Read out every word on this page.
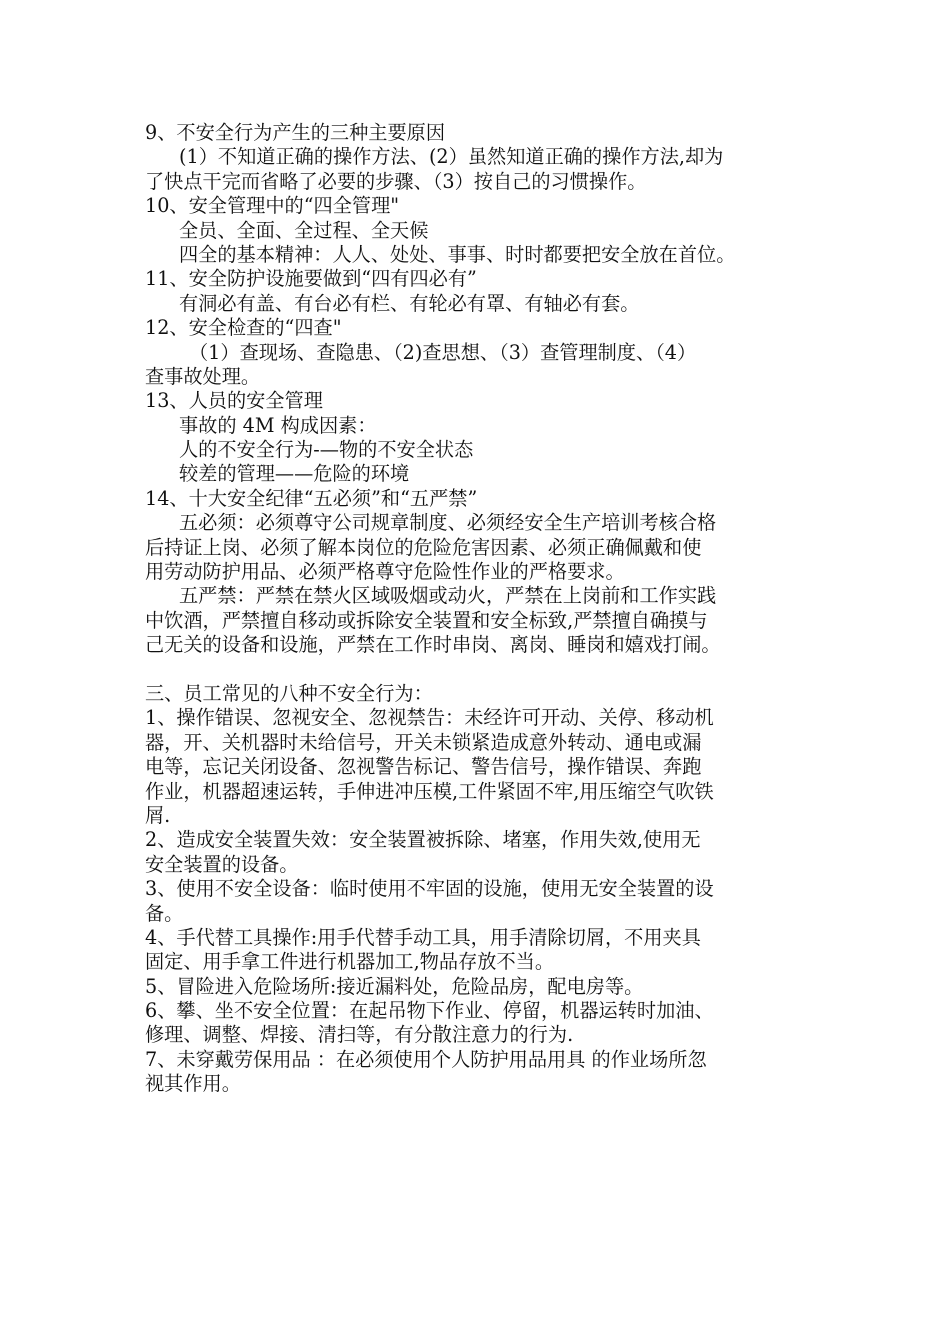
9、不安全行为产生的三种主要原因
(1）不知道正确的操作方法、(2）虽然知道正确的操作方法,却为
了快点干完而省略了必要的步骤、（3）按自己的习惯操作。
10、安全管理中的“四全管理"
全员、全面、全过程、全天候
四全的基本精神：人人、处处、事事、时时都要把安全放在首位。
11、安全防护设施要做到“四有四必有”
有洞必有盖、有台必有栏、有轮必有罩、有轴必有套。
12、安全检查的“四查"
（1）查现场、查隐患、（2)查思想、（3）查管理制度、（4）
查事故处理。
13、人员的安全管理
事故的 4M 构成因素：
人的不安全行为-—物的不安全状态
较差的管理——危险的环境
14、十大安全纪律“五必须”和“五严禁”
五必须：必须尊守公司规章制度、必须经安全生产培训考核合格
后持证上岗、必须了解本岗位的危险危害因素、必须正确佩戴和使
用劳动防护用品、必须严格尊守危险性作业的严格要求。
五严禁：严禁在禁火区域吸烟或动火，严禁在上岗前和工作实践
中饮酒，严禁擅自移动或拆除安全装置和安全标致,严禁擅自确摸与
己无关的设备和设施，严禁在工作时串岗、离岗、睡岗和嬉戏打闹。
三、员工常见的八种不安全行为：
1、操作错误、忽视安全、忽视禁告：未经许可开动、关停、移动机
器，开、关机器时未给信号，开关未锁紧造成意外转动、通电或漏
电等，忘记关闭设备、忽视警告标记、警告信号，操作错误、奔跑
作业，机器超速运转，手伸进冲压模,工件紧固不牢,用压缩空气吹铁
屑.
2、造成安全装置失效：安全装置被拆除、堵塞，作用失效,使用无
安全装置的设备。
3、使用不安全设备：临时使用不牢固的设施，使用无安全装置的设
备。
4、手代替工具操作:用手代替手动工具，用手清除切屑，不用夹具
固定、用手拿工件进行机器加工,物品存放不当。
5、冒险进入危险场所:接近漏料处，危险品房，配电房等。
6、攀、坐不安全位置：在起吊物下作业、停留，机器运转时加油、
修理、调整、焊接、清扫等，有分散注意力的行为.
7、未穿戴劳保用品 ：在必须使用个人防护用品用具 的作业场所忽
视其作用。
